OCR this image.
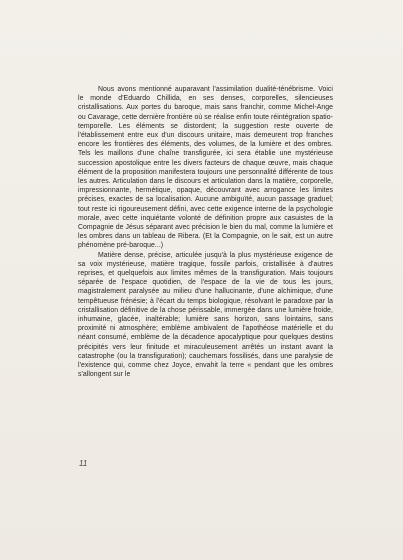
Nous avons mentionné auparavant l'assimilation dualité-ténébrisme. Voici le monde d'Eduardo Chillida, en ses denses, corporelles, silencieuses cristallisations. Aux portes du baroque, mais sans franchir, comme Michel-Ange ou Cavarage, cette dernière frontière où se réalise enfin toute réintégration spatio-temporelle. Les éléments se distordent; la suggestion reste ouverte de l'établissement entre eux d'un discours unitaire, mais demeurent trop franches encore les frontières des éléments, des volumes, de la lumière et des ombres. Tels les maillons d'une chaîne transfigurée, ici sera établie une mystérieuse succession apostolique entre les divers facteurs de chaque œuvre, mais chaque élément de la proposition manifestera toujours une personnalité différente de tous les autres. Articulation dans le discours et articulation dans la matière, corporelle, impressionnante, hermétique, opaque, découvrant avec arrogance les limites précises, exactes de sa localisation. Aucune ambiguïté, aucun passage graduel; tout reste ici rigoureusement défini, avec cette exigence interne de la psychologie morale, avec cette inquiétante volonté de définition propre aux casuistes de la Compagnie de Jésus séparant avec précision le bien du mal, comme la lumière et les ombres dans un tableau de Ribera. (Et la Compagnie, on le sait, est un autre phénomène pré-baroque...)

Matière dense, précise, articulée jusqu'à la plus mystérieuse exigence de sa voix mystérieuse, matière tragique, fossile parfois, cristallisée à d'autres reprises, et quelquefois aux limites mêmes de la transfiguration. Mais toujours séparée de l'espace quotidien, de l'espace de la vie de tous les jours, magistralement paralysée au milieu d'une hallucinante, d'une alchimique, d'une tempêtueuse frénésie; à l'écart du temps biologique, résolvant le paradoxe par la cristallisation définitive de la chose périssable, immergée dans une lumière froide, inhumaine, glacée, inaltérable; lumière sans horizon, sans lointains, sans proximité ni atmosphère; emblème ambivalent de l'apothéose matérielle et du néant consumé, emblème de la décadence apocalyptique pour quelques destins précipités vers leur finitude et miraculeusement arrêtés un instant avant la catastrophe (ou la transfiguration); cauchemars fossilisés, dans une paralysie de l'existence qui, comme chez Joyce, envahit la terre « pendant que les ombres s'allongent sur le

11
